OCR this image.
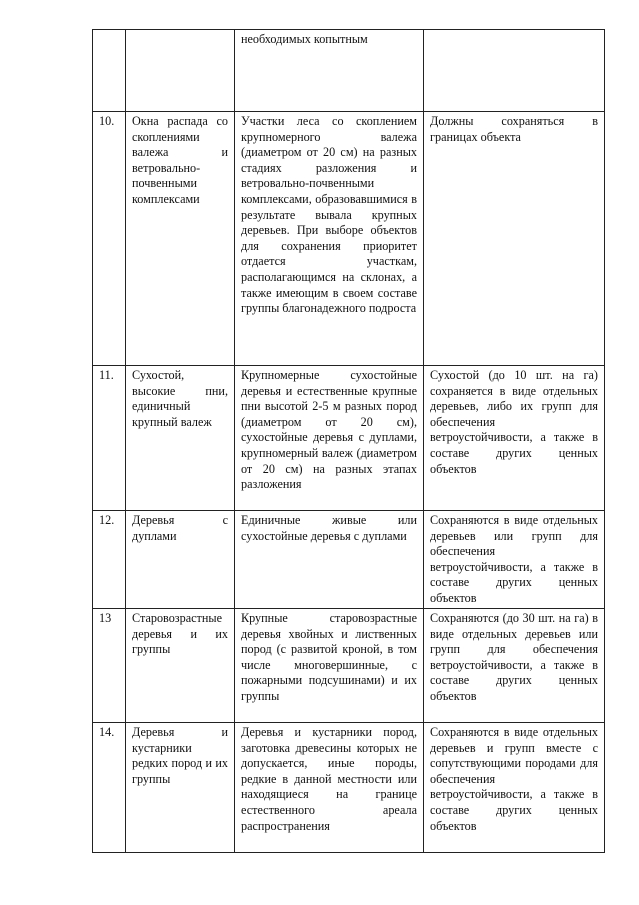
		необходимых копытным	
10.	Окна распада со скоплениями валежа и ветровально-почвенными комплексами	Участки леса со скоплением крупномерного валежа (диаметром от 20 см) на разных стадиях разложения и ветровально-почвенными комплексами, образовавшимися в результате вывала крупных деревьев. При выборе объектов для сохранения приоритет отдается участкам, располагающимся на склонах, а также имеющим в своем составе группы благонадежного подроста	Должны сохраняться в границах объекта
11.	Сухостой, высокие пни, единичный крупный валеж	Крупномерные сухостойные деревья и естественные крупные пни высотой 2-5 м разных пород (диаметром от 20 см), сухостойные деревья с дуплами, крупномерный валеж (диаметром от 20 см) на разных этапах разложения	Сухостой (до 10 шт. на га) сохраняется в виде отдельных деревьев, либо их групп для обеспечения ветроустойчивости, а также в составе других ценных объектов
12.	Деревья с дуплами	Единичные живые или сухостойные деревья с дуплами	Сохраняются в виде отдельных деревьев или групп для обеспечения ветроустойчивости, а также в составе других ценных объектов
13	Старовозрастные деревья и их группы	Крупные старовозрастные деревья хвойных и лиственных пород (с развитой кроной, в том числе многовершинные, с пожарными подсушинами) и их группы	Сохраняются (до 30 шт. на га) в виде отдельных деревьев или групп для обеспечения ветроустойчивости, а также в составе других ценных объектов
14.	Деревья и кустарники редких пород и их группы	Деревья и кустарники пород, заготовка древесины которых не допускается, иные породы, редкие в данной местности или находящиеся на границе естественного ареала распространения	Сохраняются в виде отдельных деревьев и групп вместе с сопутствующими породами для обеспечения ветроустойчивости, а также в составе других ценных объектов
